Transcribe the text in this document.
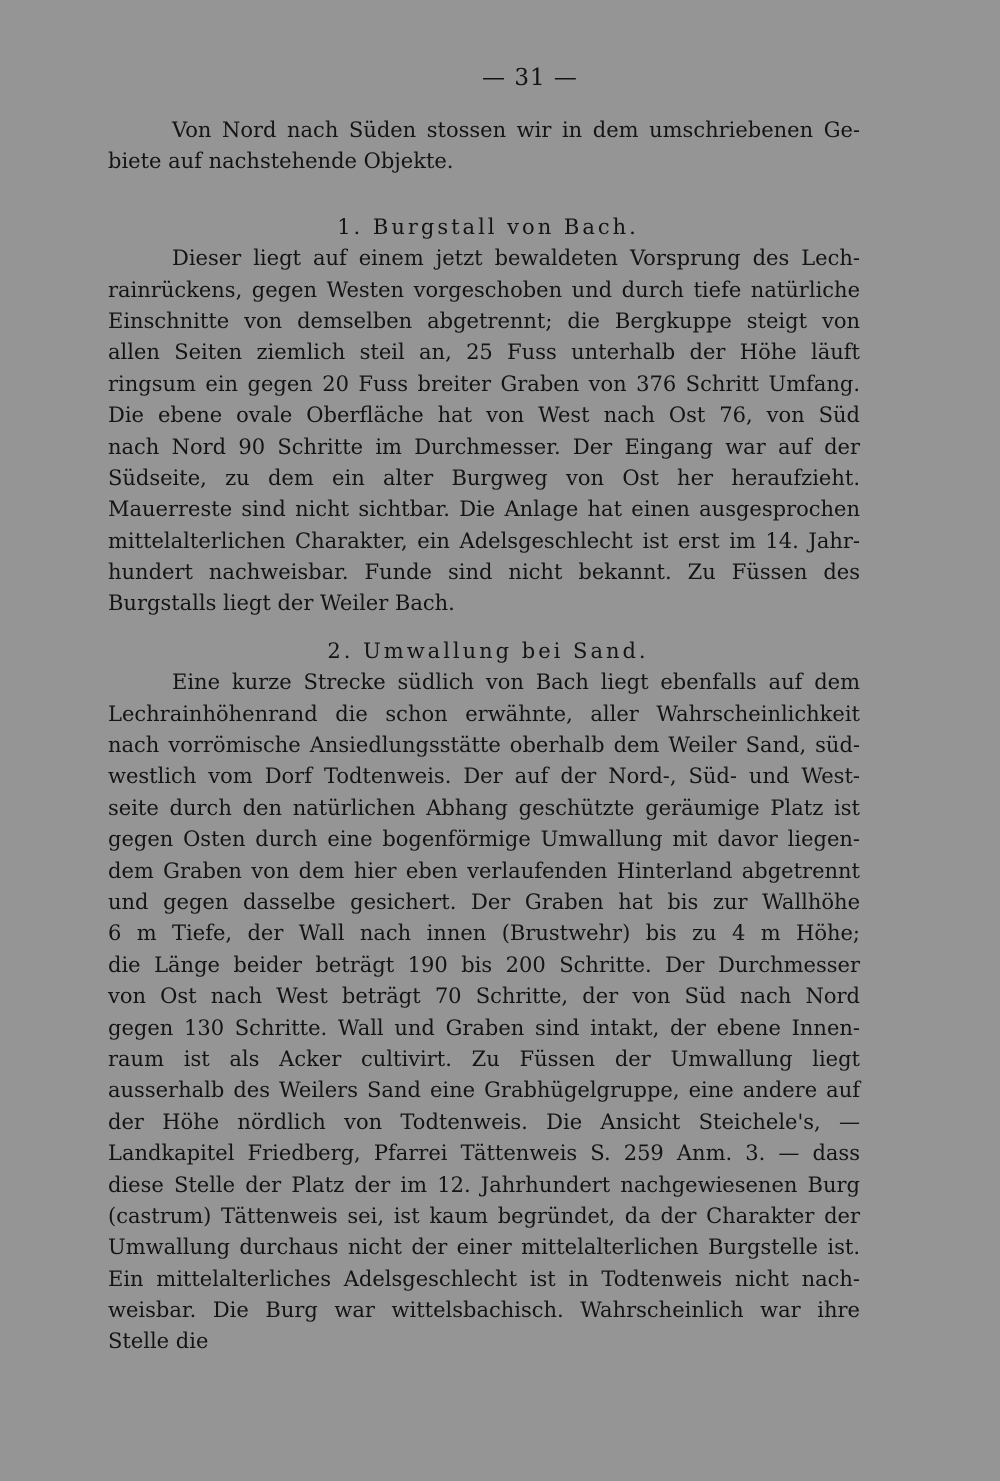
— 31 —
Von Nord nach Süden stossen wir in dem umschriebenen Ge-
biete auf nachstehende Objekte.
1. Burgstall von Bach.
Dieser liegt auf einem jetzt bewaldeten Vorsprung des Lech-
rainrückens, gegen Westen vorgeschoben und durch tiefe natürliche
Einschnitte von demselben abgetrennt; die Bergkuppe steigt von
allen Seiten ziemlich steil an, 25 Fuss unterhalb der Höhe läuft
ringsum ein gegen 20 Fuss breiter Graben von 376 Schritt Umfang.
Die ebene ovale Oberfläche hat von West nach Ost 76, von Süd
nach Nord 90 Schritte im Durchmesser. Der Eingang war auf der
Südseite, zu dem ein alter Burgweg von Ost her heraufzieht.
Mauerreste sind nicht sichtbar. Die Anlage hat einen ausgesprochen
mittelalterlichen Charakter, ein Adelsgeschlecht ist erst im 14. Jahr-
hundert nachweisbar. Funde sind nicht bekannt. Zu Füssen des
Burgstalls liegt der Weiler Bach.
2. Umwallung bei Sand.
Eine kurze Strecke südlich von Bach liegt ebenfalls auf dem
Lechrainhöhenrand die schon erwähnte, aller Wahrscheinlichkeit
nach vorrömische Ansiedlungsstätte oberhalb dem Weiler Sand, süd-
westlich vom Dorf Todtenweis. Der auf der Nord-, Süd- und West-
seite durch den natürlichen Abhang geschützte geräumige Platz ist
gegen Osten durch eine bogenförmige Umwallung mit davor liegen-
dem Graben von dem hier eben verlaufenden Hinterland abgetrennt
und gegen dasselbe gesichert. Der Graben hat bis zur Wallhöhe
6 m Tiefe, der Wall nach innen (Brustwehr) bis zu 4 m Höhe;
die Länge beider beträgt 190 bis 200 Schritte. Der Durchmesser
von Ost nach West beträgt 70 Schritte, der von Süd nach Nord
gegen 130 Schritte. Wall und Graben sind intakt, der ebene Innen-
raum ist als Acker cultivirt. Zu Füssen der Umwallung liegt
ausserhalb des Weilers Sand eine Grabhügelgruppe, eine andere auf
der Höhe nördlich von Todtenweis. Die Ansicht Steichele's, —
Landkapitel Friedberg, Pfarrei Tättenweis S. 259 Anm. 3. — dass
diese Stelle der Platz der im 12. Jahrhundert nachgewiesenen Burg
(castrum) Tättenweis sei, ist kaum begründet, da der Charakter der
Umwallung durchaus nicht der einer mittelalterlichen Burgstelle ist.
Ein mittelalterliches Adelsgeschlecht ist in Todtenweis nicht nach-
weisbar. Die Burg war wittelsbachisch. Wahrscheinlich war ihre
Stelle die
